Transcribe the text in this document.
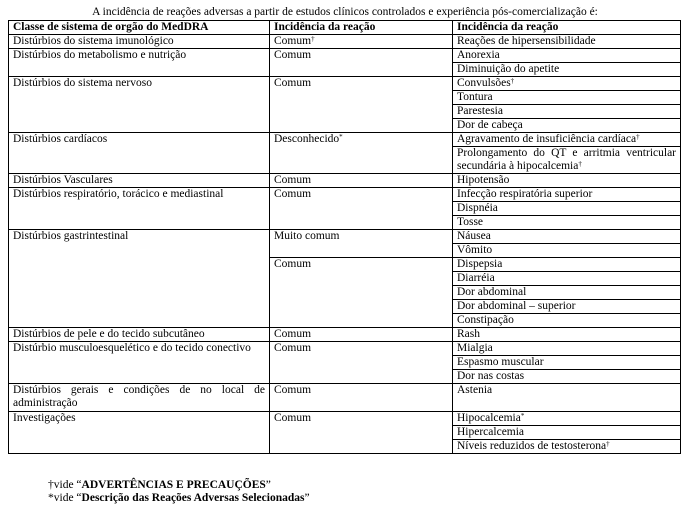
A incidência de reações adversas a partir de estudos clínicos controlados e experiência pós-comercialização é:
Classe de sistema de orgão do MedDRA	Incidência da reação	Incidência da reação
Distúrbios do sistema imunológico	Comum†	Reações de hipersensibilidade
Distúrbios do metabolismo e nutrição	Comum	Anorexia
		Diminuição do apetite
Distúrbios do sistema nervoso	Comum	Convulsões†
		Tontura
		Parestesia
		Dor de cabeça
Distúrbios cardíacos	Desconhecido*	Agravamento de insuficiência cardíaca†
		Prolongamento do QT e arritmia ventricular secundária à hipocalcemia†
Distúrbios Vasculares	Comum	Hipotensão
Distúrbios respiratório, torácico e mediastinal	Comum	Infecção respiratória superior
		Dispnéia
		Tosse
Distúrbios gastrintestinal	Muito comum	Náusea
		Vômito
	Comum	Dispepsia
		Diarréia
		Dor abdominal
		Dor abdominal – superior
		Constipação
Distúrbios de pele e do tecido subcutâneo	Comum	Rash
Distúrbio musculoesquelético e do tecido conectivo	Comum	Mialgia
		Espasmo muscular
		Dor nas costas
Distúrbios gerais e condições de no local de administração	Comum	Astenia
Investigações	Comum	Hipocalcemia*
		Hipercalcemia
		Níveis reduzidos de testosterona†
†vide “ADVERTÊNCIAS E PRECAUÇÕES”
*vide “Descrição das Reações Adversas Selecionadas”
